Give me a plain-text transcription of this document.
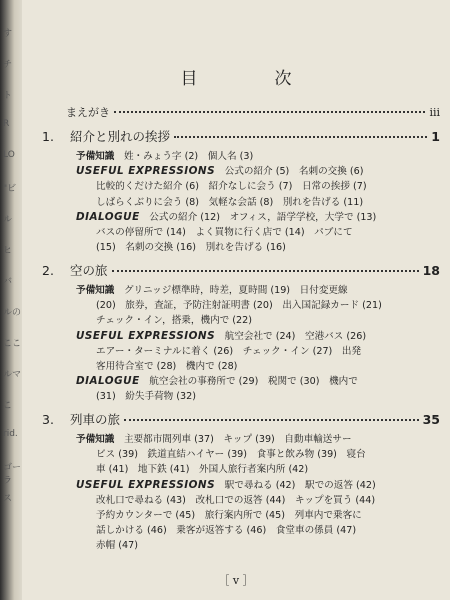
す
チ
ト
R
LO
"ビ
ル
ヒ
バ
ルの
ここ
ルマ
こ
rid.
ゴーラ
ス
目　次
まえがき	iii
1.	紹介と別れの挨拶	1
予備知識　姓・みょう字 (2)　個人名 (3)
USEFUL EXPRESSIONS　公式の紹介 (5)　名刺の交換 (6)
比較的くだけた紹介 (6)　紹介なしに会う (7)　日常の挨拶 (7)
しばらくぶりに会う (8)　気軽な会話 (8)　別れを告げる (11)
DIALOGUE　公式の紹介 (12)　オフィス，語学学校，大学で (13)
バスの停留所で (14)　よく買物に行く店で (14)　パブにて
(15)　名刺の交換 (16)　別れを告げる (16)
2.	空の旅	18
予備知識　グリニッジ標準時，時差，夏時間 (19)　日付変更線
(20)　旅券，査証，予防注射証明書 (20)　出入国記録カード (21)
チェック・イン，搭乗，機内で (22)
USEFUL EXPRESSIONS　航空会社で (24)　空港バス (26)
エアー・ターミナルに着く (26)　チェック・イン (27)　出発
客用待合室で (28)　機内で (28)
DIALOGUE　航空会社の事務所で (29)　税関で (30)　機内で
(31)　紛失手荷物 (32)
3.	列車の旅	35
予備知識　主要都市間列車 (37)　キップ (39)　自動車輸送サー
ビス (39)　鉄道直結ハイヤー (39)　食事と飲み物 (39)　寝台
車 (41)　地下鉄 (41)　外国人旅行者案内所 (42)
USEFUL EXPRESSIONS　駅で尋ねる (42)　駅での返答 (42)
改札口で尋ねる (43)　改札口での返答 (44)　キップを買う (44)
予約カウンターで (45)　旅行案内所で (45)　列車内で乗客に
話しかける (46)　乗客が返答する (46)　食堂車の係員 (47)
赤帽 (47)
［ v ］
